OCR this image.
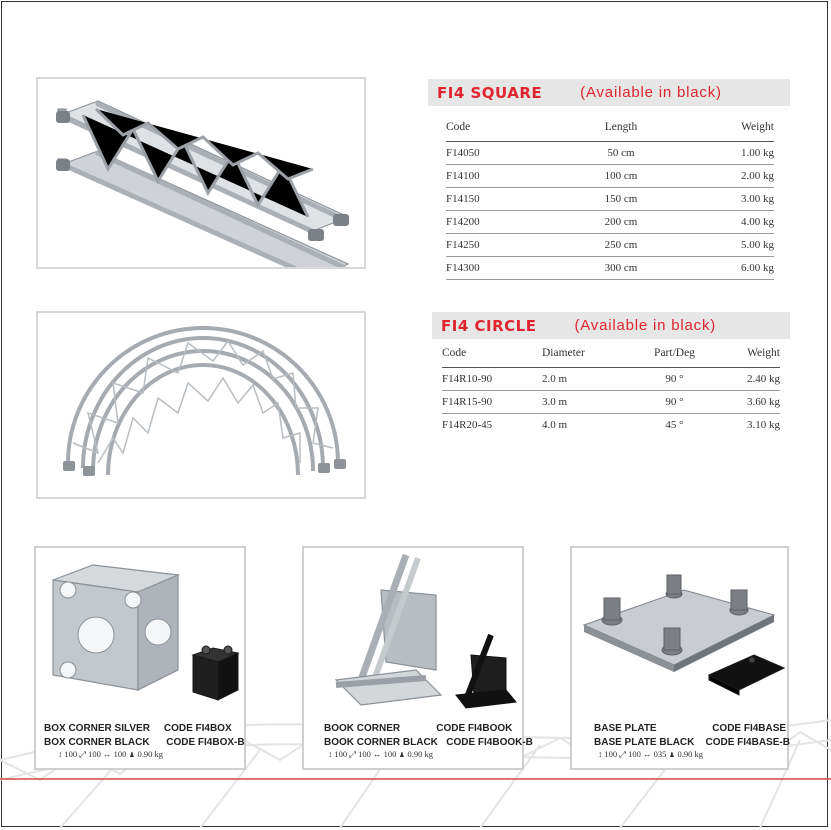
FI4 SQUARE	(Available in black)
Code	Length	Weight
F14050	50 cm	1.00 kg
F14100	100 cm	2.00 kg
F14150	150 cm	3.00 kg
F14200	200 cm	4.00 kg
F14250	250 cm	5.00 kg
F14300	300 cm	6.00 kg
FI4 CIRCLE	(Available in black)
Code	Diameter	Part/Deg	Weight
F14R10-90	2.0 m	90 °	2.40 kg
F14R15-90	3.0 m	90 °	3.60 kg
F14R20-45	4.0 m	45 °	3.10 kg
BOX CORNER SILVER CODE FI4BOX
BOX CORNER BLACK CODE FI4BOX-B
↕ 100 ⤢ 100 ↔ 100 ♟ 0.90 kg
BOOK CORNER	CODE FI4BOOK
BOOK CORNER BLACK CODE FI4BOOK-B
↕ 100 ⤢ 100 ↔ 100 ♟ 0.90 kg
BASE PLATE	CODE FI4BASE
BASE PLATE BLACK CODE FI4BASE-B
↕ 100 ⤢ 100 ↔ 035 ♟ 0.90 kg
